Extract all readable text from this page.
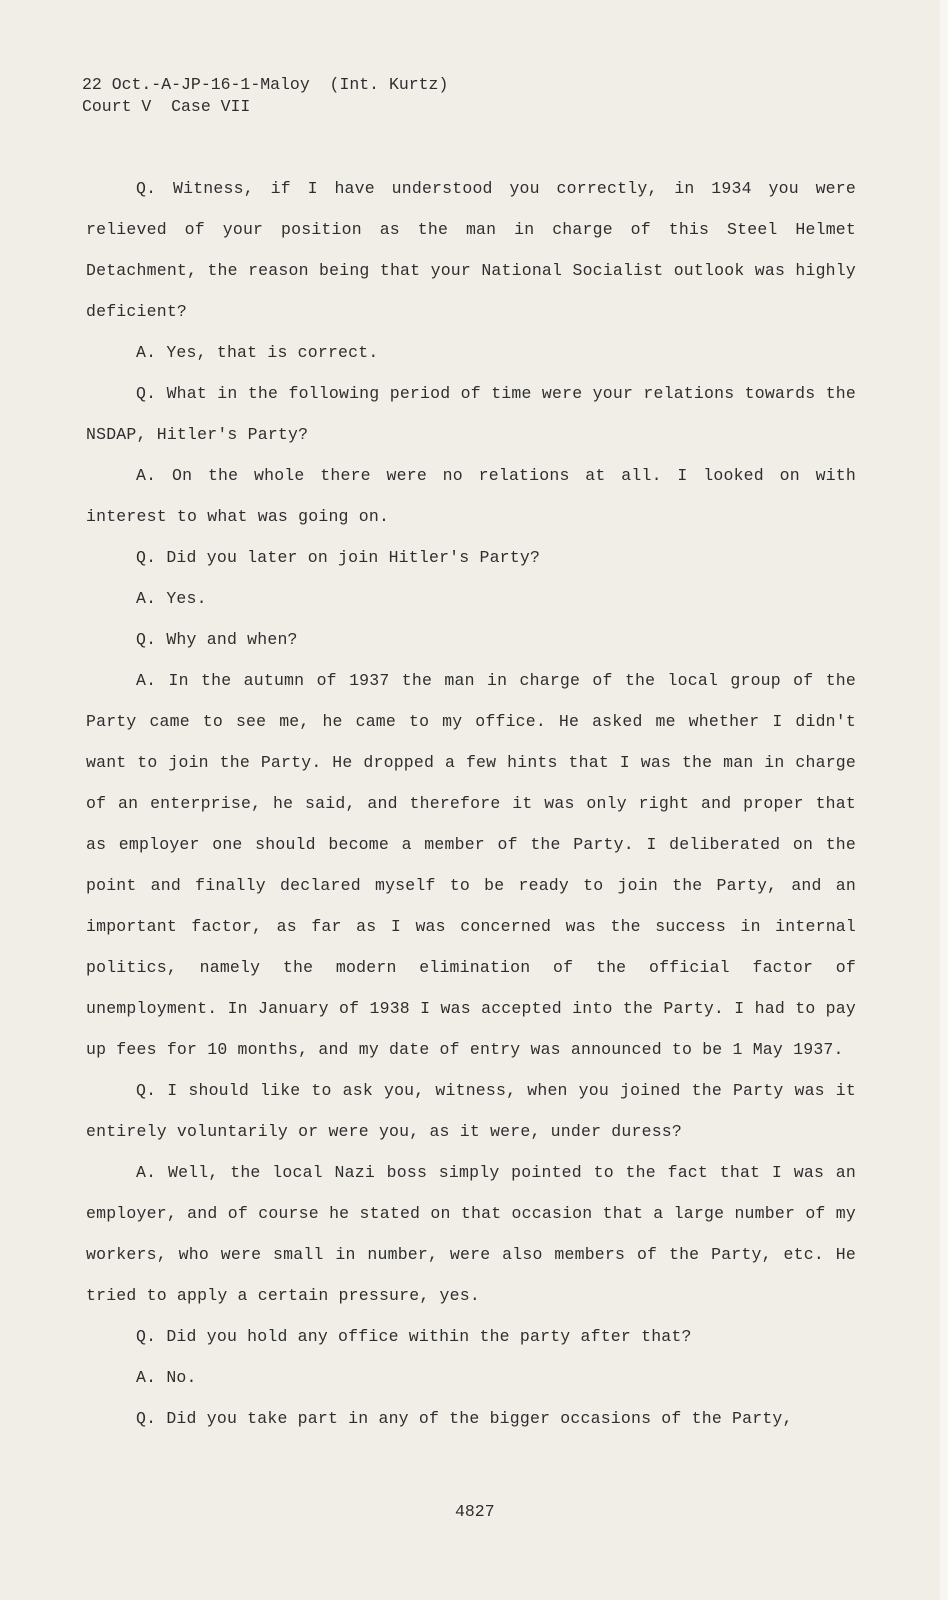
22 Oct.-A-JP-16-1-Maloy  (Int. Kurtz)
Court V  Case VII

Q. Witness, if I have understood you correctly, in 1934 you were relieved of your position as the man in charge of this Steel Helmet Detachment, the reason being that your National Socialist outlook was highly deficient?

A. Yes, that is correct.

Q. What in the following period of time were your relations towards the NSDAP, Hitler's Party?

A. On the whole there were no relations at all. I looked on with interest to what was going on.

Q. Did you later on join Hitler's Party?

A. Yes.

Q. Why and when?

A. In the autumn of 1937 the man in charge of the local group of the Party came to see me, he came to my office. He asked me whether I didn't want to join the Party. He dropped a few hints that I was the man in charge of an enterprise, he said, and therefore it was only right and proper that as employer one should become a member of the Party. I deliberated on the point and finally declared myself to be ready to join the Party, and an important factor, as far as I was concerned was the success in internal politics, namely the modern elimination of the official factor of unemployment. In January of 1938 I was accepted into the Party. I had to pay up fees for 10 months, and my date of entry was announced to be 1 May 1937.

Q. I should like to ask you, witness, when you joined the Party was it entirely voluntarily or were you, as it were, under duress?

A. Well, the local Nazi boss simply pointed to the fact that I was an employer, and of course he stated on that occasion that a large number of my workers, who were small in number, were also members of the Party, etc. He tried to apply a certain pressure, yes.

Q. Did you hold any office within the party after that?

A. No.

Q. Did you take part in any of the bigger occasions of the Party,

4827
